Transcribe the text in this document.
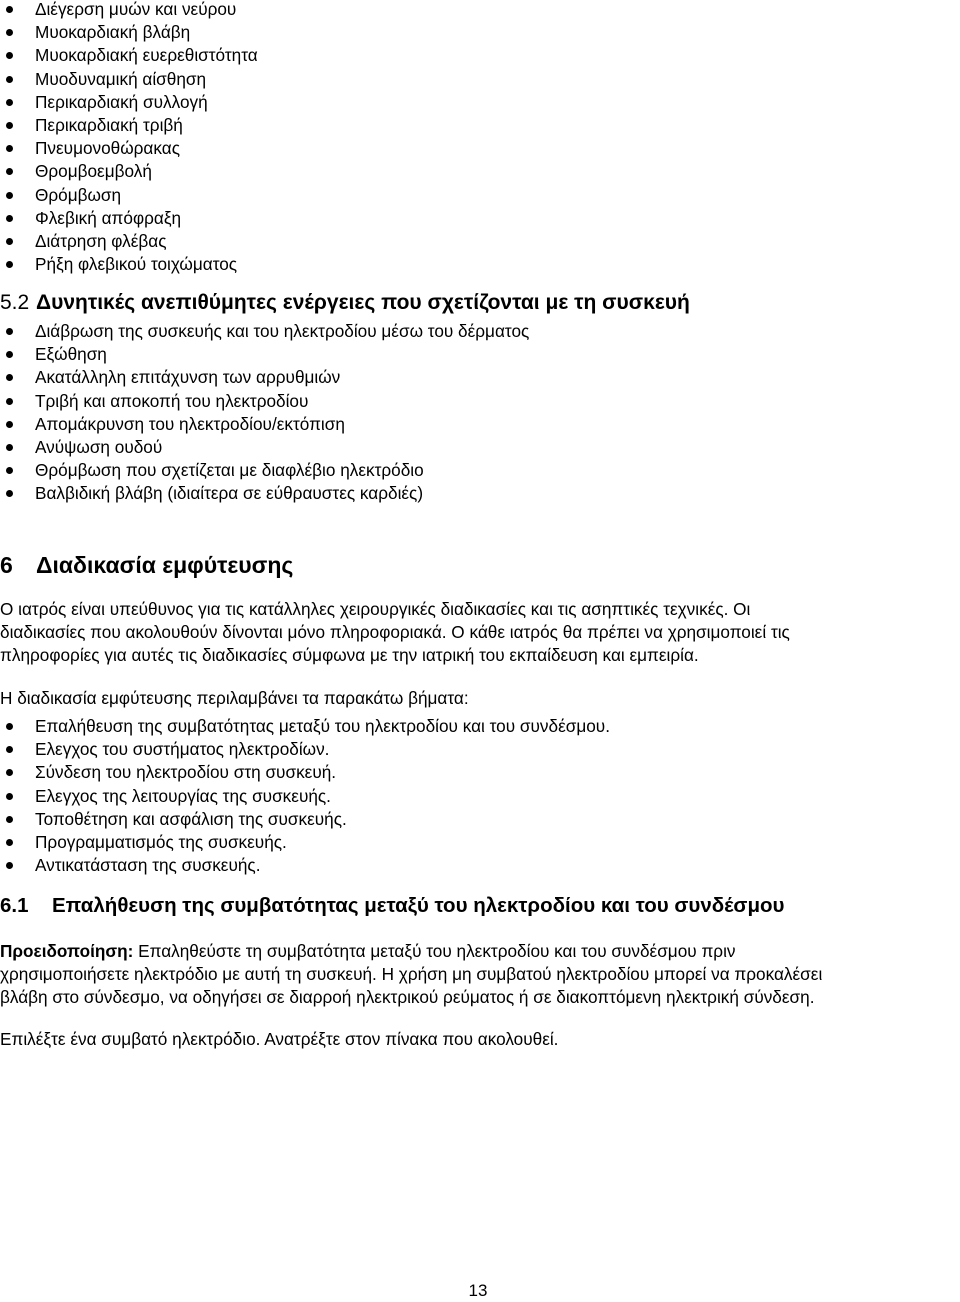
Διέγερση μυών και νεύρου
Μυοκαρδιακή βλάβη
Μυοκαρδιακή ευερεθιστότητα
Μυοδυναμική αίσθηση
Περικαρδιακή συλλογή
Περικαρδιακή τριβή
Πνευμονοθώρακας
Θρομβοεμβολή
Θρόμβωση
Φλεβική απόφραξη
Διάτρηση φλέβας
Ρήξη φλεβικού τοιχώματος
5.2 Δυνητικές ανεπιθύμητες ενέργειες που σχετίζονται με τη συσκευή
Διάβρωση της συσκευής και του ηλεκτροδίου μέσω του δέρματος
Εξώθηση
Ακατάλληλη επιτάχυνση των αρρυθμιών
Τριβή και αποκοπή του ηλεκτροδίου
Απομάκρυνση του ηλεκτροδίου/εκτόπιση
Ανύψωση ουδού
Θρόμβωση που σχετίζεται με διαφλέβιο ηλεκτρόδιο
Βαλβιδική βλάβη (ιδιαίτερα σε εύθραυστες καρδιές)
6 Διαδικασία εμφύτευσης

Ο ιατρός είναι υπεύθυνος για τις κατάλληλες χειρουργικές διαδικασίες και τις ασηπτικές τεχνικές. Οι
διαδικασίες που ακολουθούν δίνονται μόνο πληροφοριακά. Ο κάθε ιατρός θα πρέπει να χρησιμοποιεί τις
πληροφορίες για αυτές τις διαδικασίες σύμφωνα με την ιατρική του εκπαίδευση και εμπειρία.

Η διαδικασία εμφύτευσης περιλαμβάνει τα παρακάτω βήματα:

Επαλήθευση της συμβατότητας μεταξύ του ηλεκτροδίου και του συνδέσμου.
Ελεγχος του συστήματος ηλεκτροδίων.
Σύνδεση του ηλεκτροδίου στη συσκευή.
Ελεγχος της λειτουργίας της συσκευής.
Τοποθέτηση και ασφάλιση της συσκευής.
Προγραμματισμός της συσκευής.
Αντικατάσταση της συσκευής.
6.1 Επαλήθευση της συμβατότητας μεταξύ του ηλεκτροδίου και του συνδέσμου

Προειδοποίηση: Επαληθεύστε τη συμβατότητα μεταξύ του ηλεκτροδίου και του συνδέσμου πριν
χρησιμοποιήσετε ηλεκτρόδιο με αυτή τη συσκευή. Η χρήση μη συμβατού ηλεκτροδίου μπορεί να προκαλέσει
βλάβη στο σύνδεσμο, να οδηγήσει σε διαρροή ηλεκτρικού ρεύματος ή σε διακοπτόμενη ηλεκτρική σύνδεση.

Επιλέξτε ένα συμβατό ηλεκτρόδιο. Ανατρέξτε στον πίνακα που ακολουθεί.

13
